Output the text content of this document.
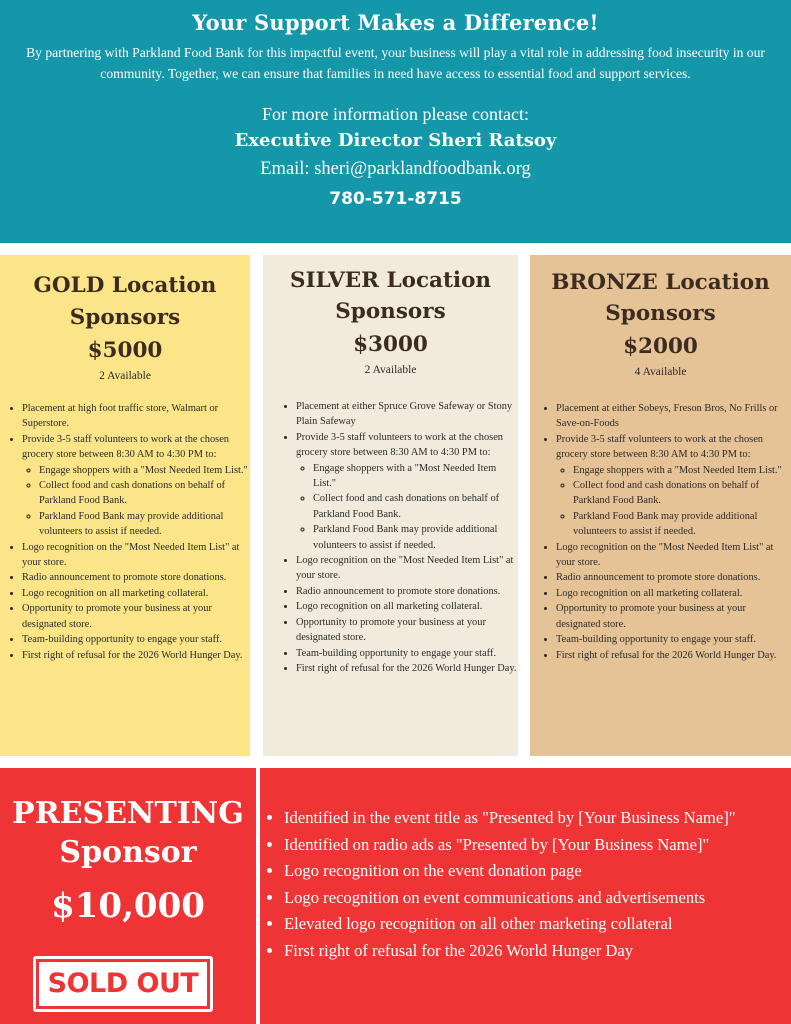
Your Support Makes a Difference!
By partnering with Parkland Food Bank for this impactful event, your business will play a vital role in addressing food insecurity in our community. Together, we can ensure that families in need have access to essential food and support services.
For more information please contact:
Executive Director Sheri Ratsoy
Email: sheri@parklandfoodbank.org
780-571-8715
GOLD Location
Sponsors
$5000
2 Available
• Placement at high foot traffic store, Walmart or Superstore.
• Provide 3-5 staff volunteers to work at the chosen grocery store between 8:30 AM to 4:30 PM to:
◦ Engage shoppers with a "Most Needed Item List."
◦ Collect food and cash donations on behalf of Parkland Food Bank.
◦ Parkland Food Bank may provide additional volunteers to assist if needed.
• Logo recognition on the "Most Needed Item List" at your store.
• Radio announcement to promote store donations.
• Logo recognition on all marketing collateral.
• Opportunity to promote your business at your designated store.
• Team-building opportunity to engage your staff.
• First right of refusal for the 2026 World Hunger Day.
SILVER Location
Sponsors
$3000
2 Available
• Placement at either Spruce Grove Safeway or Stony Plain Safeway
• Provide 3-5 staff volunteers to work at the chosen grocery store between 8:30 AM to 4:30 PM to:
◦ Engage shoppers with a "Most Needed Item List."
◦ Collect food and cash donations on behalf of Parkland Food Bank.
◦ Parkland Food Bank may provide additional volunteers to assist if needed.
• Logo recognition on the "Most Needed Item List" at your store.
• Radio announcement to promote store donations.
• Logo recognition on all marketing collateral.
• Opportunity to promote your business at your designated store.
• Team-building opportunity to engage your staff.
• First right of refusal for the 2026 World Hunger Day.
BRONZE Location
Sponsors
$2000
4 Available
• Placement at either Sobeys, Freson Bros, No Frills or Save-on-Foods
• Provide 3-5 staff volunteers to work at the chosen grocery store between 8:30 AM to 4:30 PM to:
◦ Engage shoppers with a "Most Needed Item List."
◦ Collect food and cash donations on behalf of Parkland Food Bank.
◦ Parkland Food Bank may provide additional volunteers to assist if needed.
• Logo recognition on the "Most Needed Item List" at your store.
• Radio announcement to promote store donations.
• Logo recognition on all marketing collateral.
• Opportunity to promote your business at your designated store.
• Team-building opportunity to engage your staff.
• First right of refusal for the 2026 World Hunger Day.
PRESENTING
Sponsor
$10,000
SOLD OUT
• Identified in the event title as "Presented by [Your Business Name]"
• Identified on radio ads as "Presented by [Your Business Name]"
• Logo recognition on the event donation page
• Logo recognition on event communications and advertisements
• Elevated logo recognition on all other marketing collateral
• First right of refusal for the 2026 World Hunger Day
